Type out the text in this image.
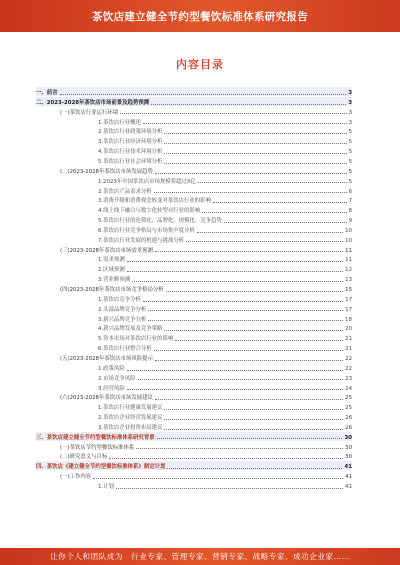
茶饮店建立健全节约型餐饮标准体系研究报告
内容目录
一、前言	3
二、2023-2028年茶饮店市场前景及趋势预测	3
(一)茶饮店行业运行环境	3
1.茶饮店行业概述	3
2.茶饮店行业政策环境分析	5
3.茶饮店行业经济环境分析	5
4.茶饮店行业技术环境分析	5
5.茶饮店行业社会环境分析	5
(二)2023-2028年茶饮店市场发展趋势	5
1.2023年中国茶饮店市场规模将超过X亿	5
2.茶饮店产品需求分析	6
3.消费升级和消费观念转变对茶饮店行业的影响	7
4.线上线下融合与数字化转型对行业的影响	8
5.茶饮店行业的连锁化、品牌化、规模化、竞争趋势	9
6.茶饮店行业竞争格局与市场集中度分析	10
7.茶饮店行业发展的机遇与挑战分析	10
(三)2023-2028年茶饮店市场需求预测	11
1.需求预测	11
2.区域预测	12
3.营业额预测	13
(四)2023-2028年茶饮店市场竞争格局分析	15
1.茶饮店竞争分析	17
2.头部品牌竞争分析	17
3.新兴品牌竞争分析	18
4.新兴品牌发展及竞争策略	20
5.资本市场对茶饮店行业的影响	21
6.茶饮店行业整合分析	21
(五)2023-2028年茶饮店市场风险提示	22
1.政策风险	22
2.市场竞争风险	23
3.经营风险	24
(六)2023-2028年茶饮店市场发展建议	25
1.茶饮店行业健康发展建议	25
2.茶饮店企业经营发展建议	26
3.茶饮店企业投资布局建议	26
三、茶饮店建立健全节约型餐饮标准体系研究背景	30
(一)茶饮店节约型餐饮标准体系	30
(二)研究意义与目标	30
四、茶饮店《建立健全节约型餐饮标准体系》制定计划	41
(一)工作内容	41
1.计划	41
让你个人和团队成为　行业专家、管理专家、营销专家、战略专家、成功企业家……
